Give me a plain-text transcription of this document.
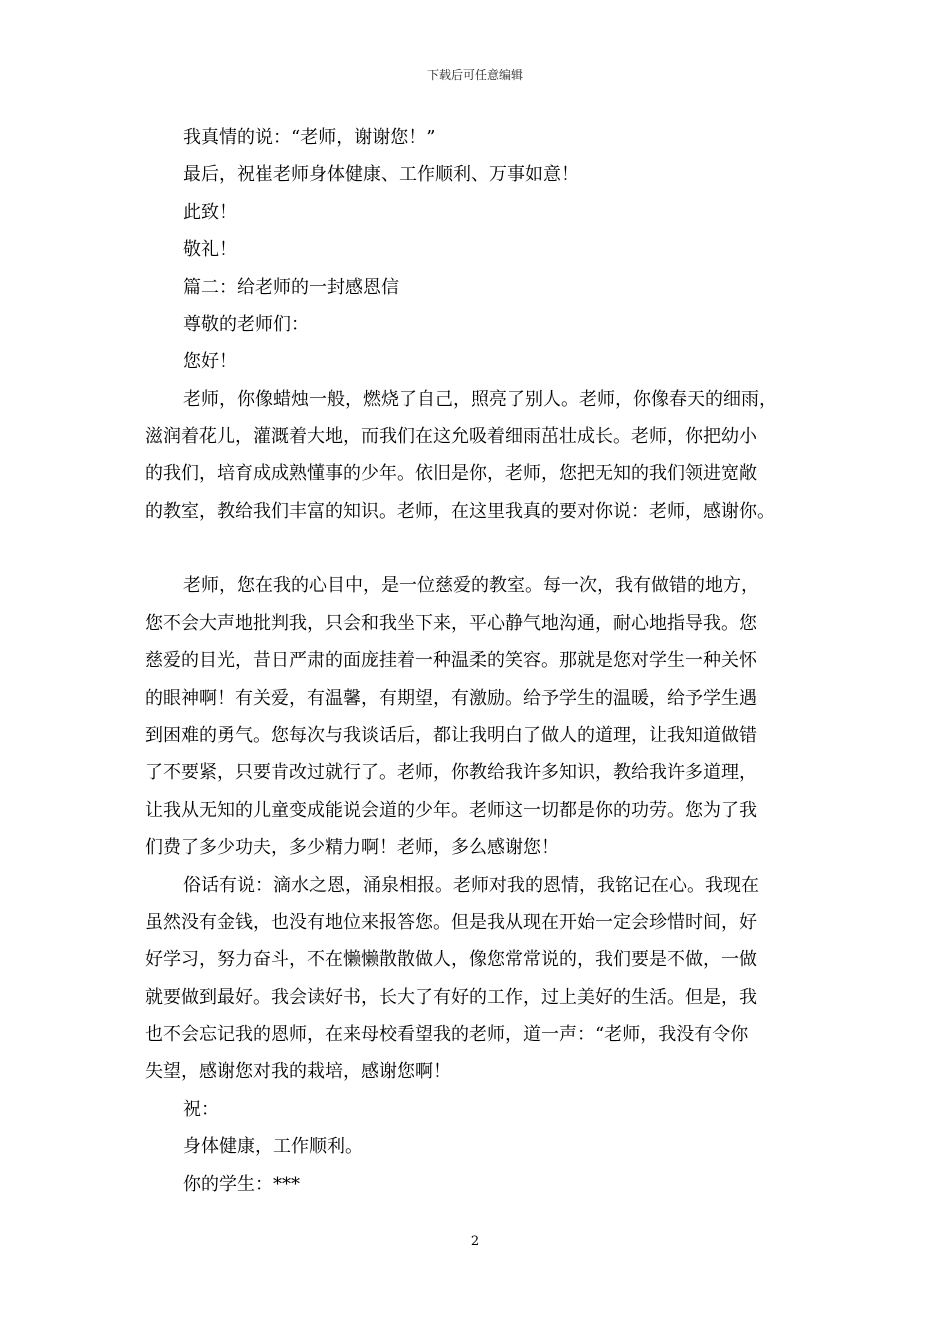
下载后可任意编辑
我真情的说：“老师，谢谢您！”
最后，祝崔老师身体健康、工作顺利、万事如意！
此致！
敬礼！
篇二：给老师的一封感恩信
尊敬的老师们：
您好！
老师，你像蜡烛一般，燃烧了自己，照亮了别人。老师，你像春天的细雨，
滋润着花儿，灌溉着大地，而我们在这允吸着细雨茁壮成长。老师，你把幼小
的我们，培育成成熟懂事的少年。依旧是你，老师，您把无知的我们领进宽敞
的教室，教给我们丰富的知识。老师，在这里我真的要对你说：老师，感谢你。
老师，您在我的心目中，是一位慈爱的教室。每一次，我有做错的地方，
您不会大声地批判我，只会和我坐下来，平心静气地沟通，耐心地指导我。您
慈爱的目光，昔日严肃的面庞挂着一种温柔的笑容。那就是您对学生一种关怀
的眼神啊！有关爱，有温馨，有期望，有激励。给予学生的温暖，给予学生遇
到困难的勇气。您每次与我谈话后，都让我明白了做人的道理，让我知道做错
了不要紧，只要肯改过就行了。老师，你教给我许多知识，教给我许多道理，
让我从无知的儿童变成能说会道的少年。老师这一切都是你的功劳。您为了我
们费了多少功夫，多少精力啊！老师，多么感谢您！
俗话有说：滴水之恩，涌泉相报。老师对我的恩情，我铭记在心。我现在
虽然没有金钱，也没有地位来报答您。但是我从现在开始一定会珍惜时间，好
好学习，努力奋斗，不在懒懒散散做人，像您常常说的，我们要是不做，一做
就要做到最好。我会读好书，长大了有好的工作，过上美好的生活。但是，我
也不会忘记我的恩师，在来母校看望我的老师，道一声：“老师，我没有令你
失望，感谢您对我的栽培，感谢您啊！
祝：
身体健康，工作顺利。
你的学生：***
2
